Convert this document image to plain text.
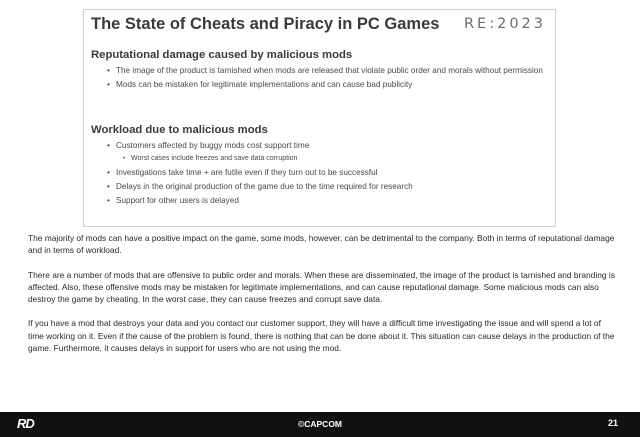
The State of Cheats and Piracy in PC Games RE:2023
Reputational damage caused by malicious mods
• The image of the product is tarnished when mods are released that violate public order and morals without permission
• Mods can be mistaken for legitimate implementations and can cause bad publicity
Workload due to malicious mods
• Customers affected by buggy mods cost support time
• Worst cases include freezes and save data corruption
• Investigations take time + are futile even if they turn out to be successful
• Delays in the original production of the game due to the time required for research
• Support for other users is delayed

The majority of mods can have a positive impact on the game, some mods, however, can be detrimental to the company. Both in terms of reputational damage and in terms of workload.

There are a number of mods that are offensive to public order and morals. When these are disseminated, the image of the product is tarnished and branding is affected. Also, these offensive mods may be mistaken for legitimate implementations, and can cause reputational damage. Some malicious mods can also destroy the game by cheating. In the worst case, they can cause freezes and corrupt save data.

If you have a mod that destroys your data and you contact our customer support, they will have a difficult time investigating the issue and will spend a lot of time working on it. Even if the cause of the problem is found, there is nothing that can be done about it. This situation can cause delays in the production of the game. Furthermore, it causes delays in support for users who are not using the mod.

RD	©CAPCOM	21
